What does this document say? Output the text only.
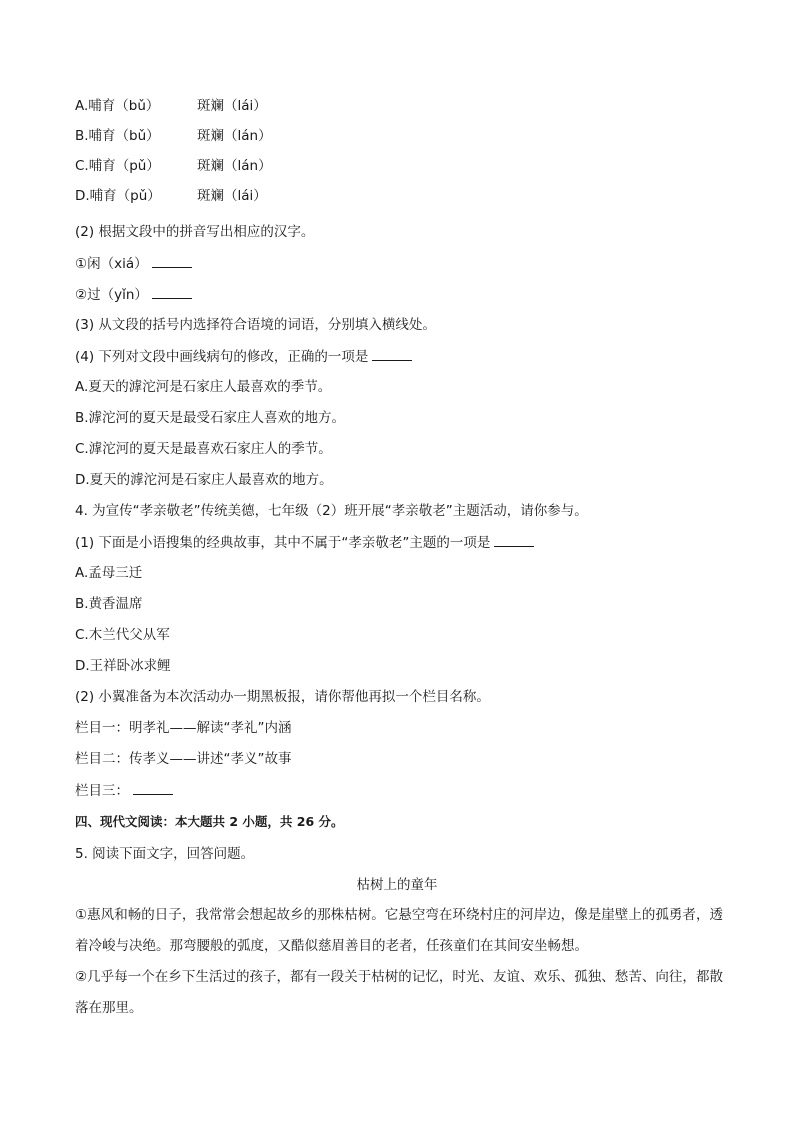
A.哺育（bǔ）	斑斓（lái）
B.哺育（bǔ）	斑斓（lán）
C.哺育（pǔ）	斑斓（lán）
D.哺育（pǔ）	斑斓（lái）
(2) 根据文段中的拼音写出相应的汉字。
①闲（xiá）
②过（yǐn）
(3) 从文段的括号内选择符合语境的词语，分别填入横线处。
(4) 下列对文段中画线病句的修改，正确的一项是
A.夏天的滹沱河是石家庄人最喜欢的季节。
B.滹沱河的夏天是最受石家庄人喜欢的地方。
C.滹沱河的夏天是最喜欢石家庄人的季节。
D.夏天的滹沱河是石家庄人最喜欢的地方。
4. 为宣传“孝亲敬老”传统美德，七年级（2）班开展“孝亲敬老”主题活动，请你参与。
(1) 下面是小语搜集的经典故事，其中不属于“孝亲敬老”主题的一项是
A.孟母三迁
B.黄香温席
C.木兰代父从军
D.王祥卧冰求鲤
(2) 小翼准备为本次活动办一期黑板报，请你帮他再拟一个栏目名称。
栏目一：明孝礼——解读“孝礼”内涵
栏目二：传孝义——讲述“孝义”故事
栏目三：
四、现代文阅读：本大题共 2 小题，共 26 分。
5. 阅读下面文字，回答问题。
枯树上的童年
①惠风和畅的日子，我常常会想起故乡的那株枯树。它悬空弯在环绕村庄的河岸边，像是崖壁上的孤勇者，透着冷峻与决绝。那弯腰般的弧度，又酷似慈眉善目的老者，任孩童们在其间安坐畅想。
②几乎每一个在乡下生活过的孩子，都有一段关于枯树的记忆，时光、友谊、欢乐、孤独、愁苦、向往，都散落在那里。
